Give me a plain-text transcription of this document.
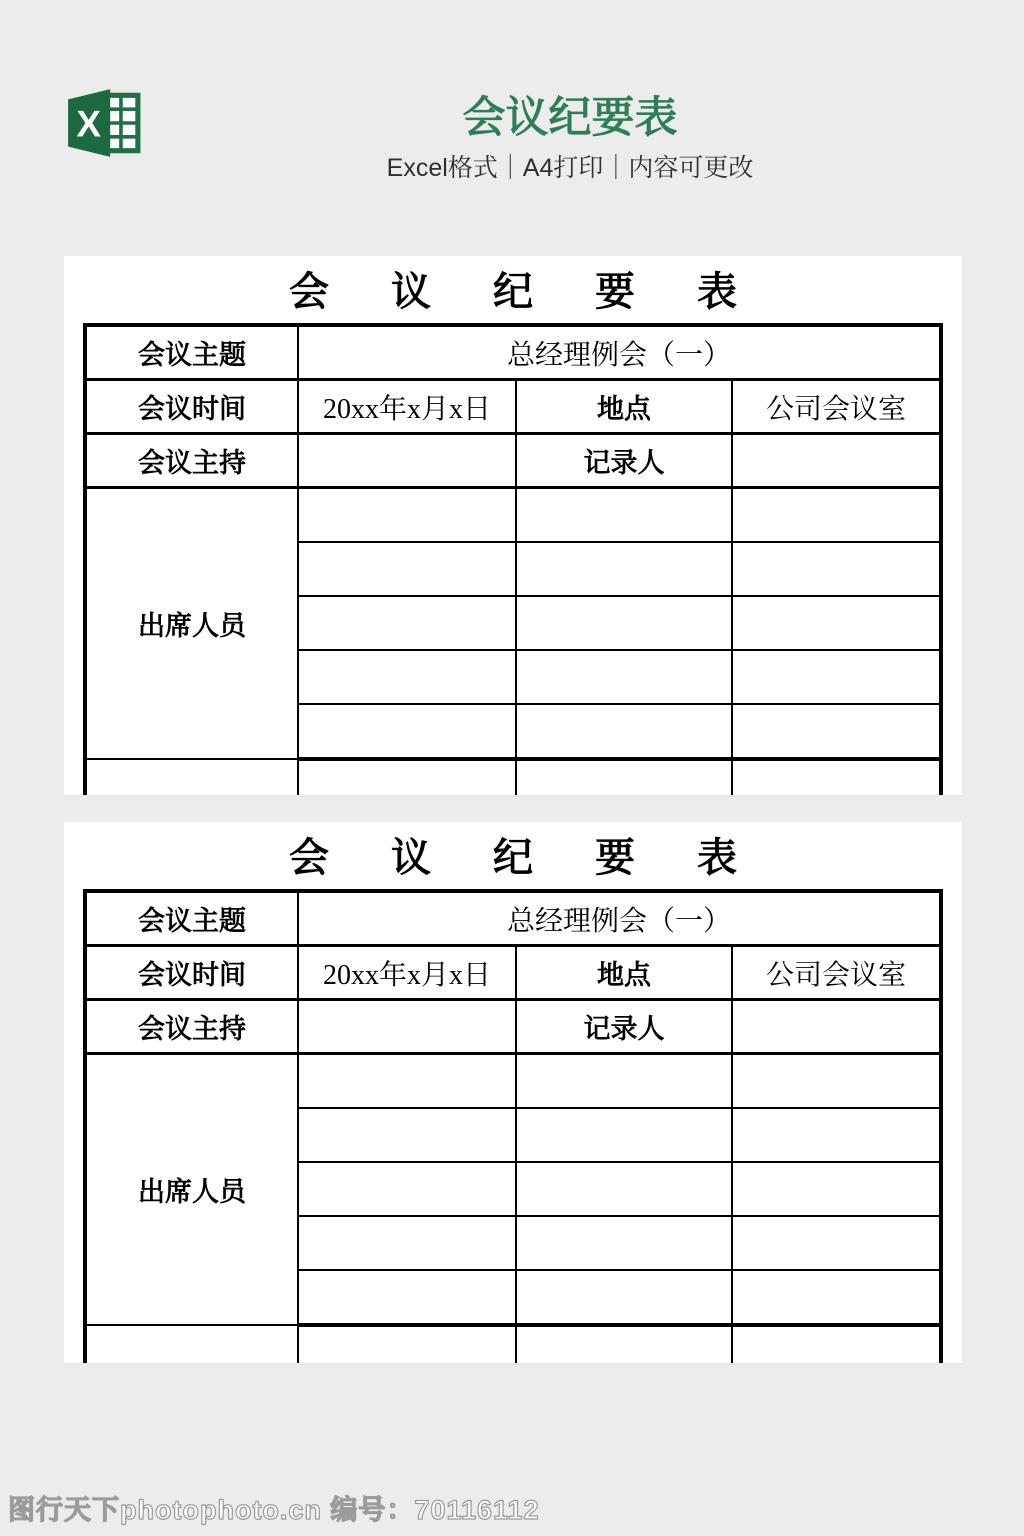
X	会议纪要表
Excel格式｜A4打印｜内容可更改
会 议 纪 要 表
会议主题	总经理例会（一）		
会议时间	20xx年x月x日	地点	公司会议室
会议主持		记录人	
出席人员			

会 议 纪 要 表
会议主题	总经理例会（一）		
会议时间	20xx年x月x日	地点	公司会议室
会议主持		记录人	
出席人员			

图行天下photophoto.cn 编号：70116112
